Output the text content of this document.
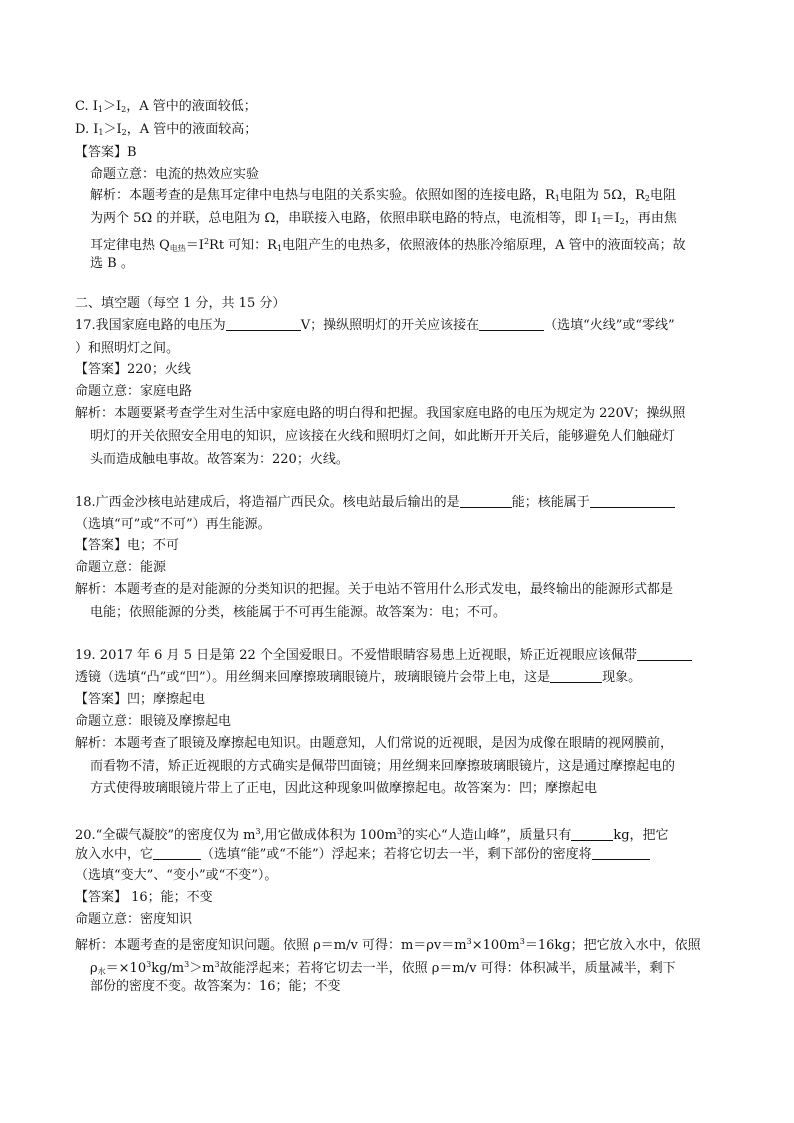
C. $I_1>I_2$，A 管中的液面较低；
D. $I_1>I_2$，A 管中的液面较高；
【答案】B
命题立意：电流的热效应实验
解析：本题考查的是焦耳定律中电热与电阻的关系实验。依照如图的连接电路，$R_1$电阻为 5Ω，$R_2$电阻
为两个 5Ω 的并联，总电阻为 Ω，串联接入电路，依照串联电路的特点，电流相等，即 $I_1=I_2$，再由焦
耳定律电热 $Q_{电热}=I^2Rt$ 可知：$R_1$电阻产生的电热多，依照液体的热胀冷缩原理，A 管中的液面较高；故
选 B 。
二、填空题（每空 1 分，共 15 分）
17.我国家庭电路的电压为	V；操纵照明灯的开关应该接在	（选填“火线”或“零线”
）和照明灯之间。
【答案】220；火线
命题立意：家庭电路
解析：本题要紧考查学生对生活中家庭电路的明白得和把握。我国家庭电路的电压为规定为 220V；操纵照
明灯的开关依照安全用电的知识，应该接在火线和照明灯之间，如此断开开关后，能够避免人们触碰灯
头而造成触电事故。故答案为：220；火线。
18.广西金沙核电站建成后，将造福广西民众。核电站最后输出的是	能；核能属于
（选填“可”或“不可”）再生能源。
【答案】电；不可
命题立意：能源
解析：本题考查的是对能源的分类知识的把握。关于电站不管用什么形式发电，最终输出的能源形式都是
电能；依照能源的分类，核能属于不可再生能源。故答案为：电；不可。
19. 2017 年 6 月 5 日是第 22 个全国爱眼日。不爱惜眼睛容易患上近视眼，矫正近视眼应该佩带
透镜（选填“凸”或“凹”）。用丝绸来回摩擦玻璃眼镜片，玻璃眼镜片会带上电，这是	现象。
【答案】凹；摩擦起电
命题立意：眼镜及摩擦起电
解析：本题考查了眼镜及摩擦起电知识。由题意知，人们常说的近视眼，是因为成像在眼睛的视网膜前，
而看物不清，矫正近视眼的方式确实是佩带凹面镜；用丝绸来回摩擦玻璃眼镜片，这是通过摩擦起电的
方式使得玻璃眼镜片带上了正电，因此这种现象叫做摩擦起电。故答案为：凹；摩擦起电
20.“全碳气凝胶”的密度仅为 $m^3$,用它做成体积为 $100m^3$的实心“人造山峰”，质量只有	kg，把它
放入水中，它	（选填“能”或“不能”）浮起来；若将它切去一半，剩下部份的密度将
（选填“变大”、“变小”或“不变”）。
【答案】 16；能；不变
命题立意：密度知识
解析：本题考查的是密度知识问题。依照 ρ＝m/v 可得：$m=\rho v=m^3\times 100m^3=16kg$；把它放入水中，依照
$\rho_水=\times 10^3kg/m^3>m^3$故能浮起来；若将它切去一半，依照 ρ＝m/v 可得：体积减半，质量减半，剩下
部份的密度不变。故答案为：16；能；不变
